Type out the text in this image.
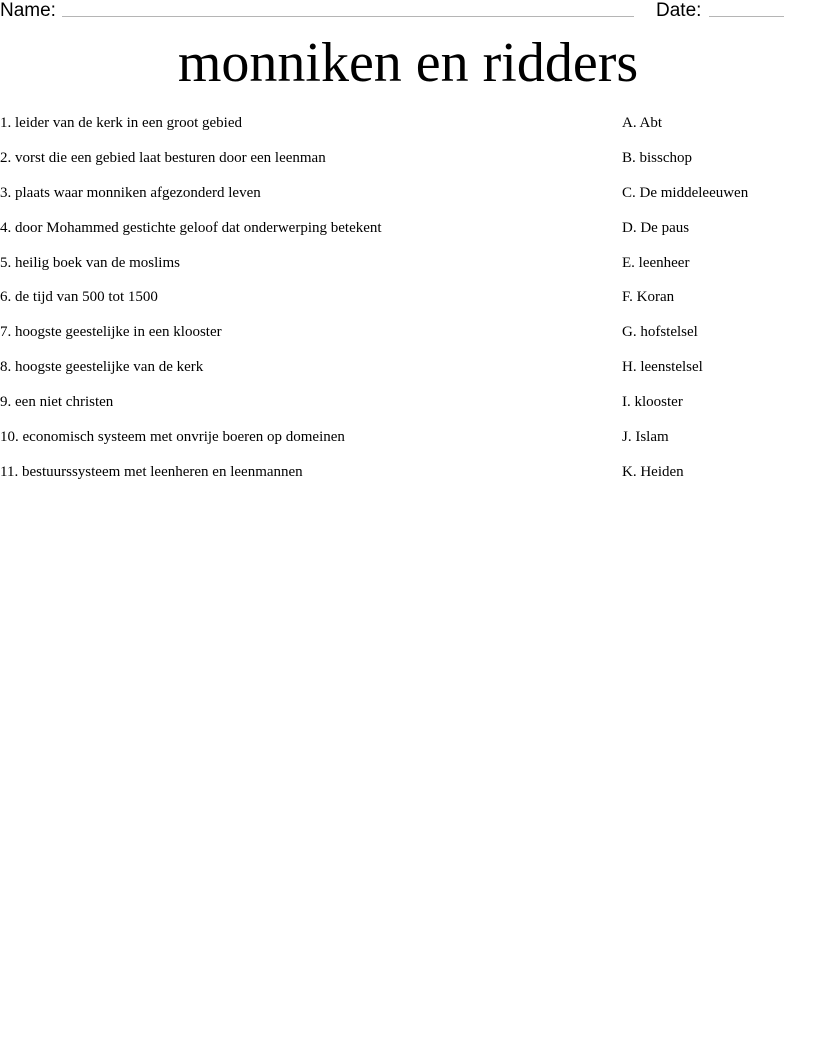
Name:	Date:
monniken en ridders
1. leider van de kerk in een groot gebied
2. vorst die een gebied laat besturen door een leenman
3. plaats waar monniken afgezonderd leven
4. door Mohammed gestichte geloof dat onderwerping betekent
5. heilig boek van de moslims
6. de tijd van 500 tot 1500
7. hoogste geestelijke in een klooster
8. hoogste geestelijke van de kerk
9. een niet christen
10. economisch systeem met onvrije boeren op domeinen
11. bestuurssysteem met leenheren en leenmannen
A. Abt
B. bisschop
C. De middeleeuwen
D. De paus
E. leenheer
F. Koran
G. hofstelsel
H. leenstelsel
I. klooster
J. Islam
K. Heiden
